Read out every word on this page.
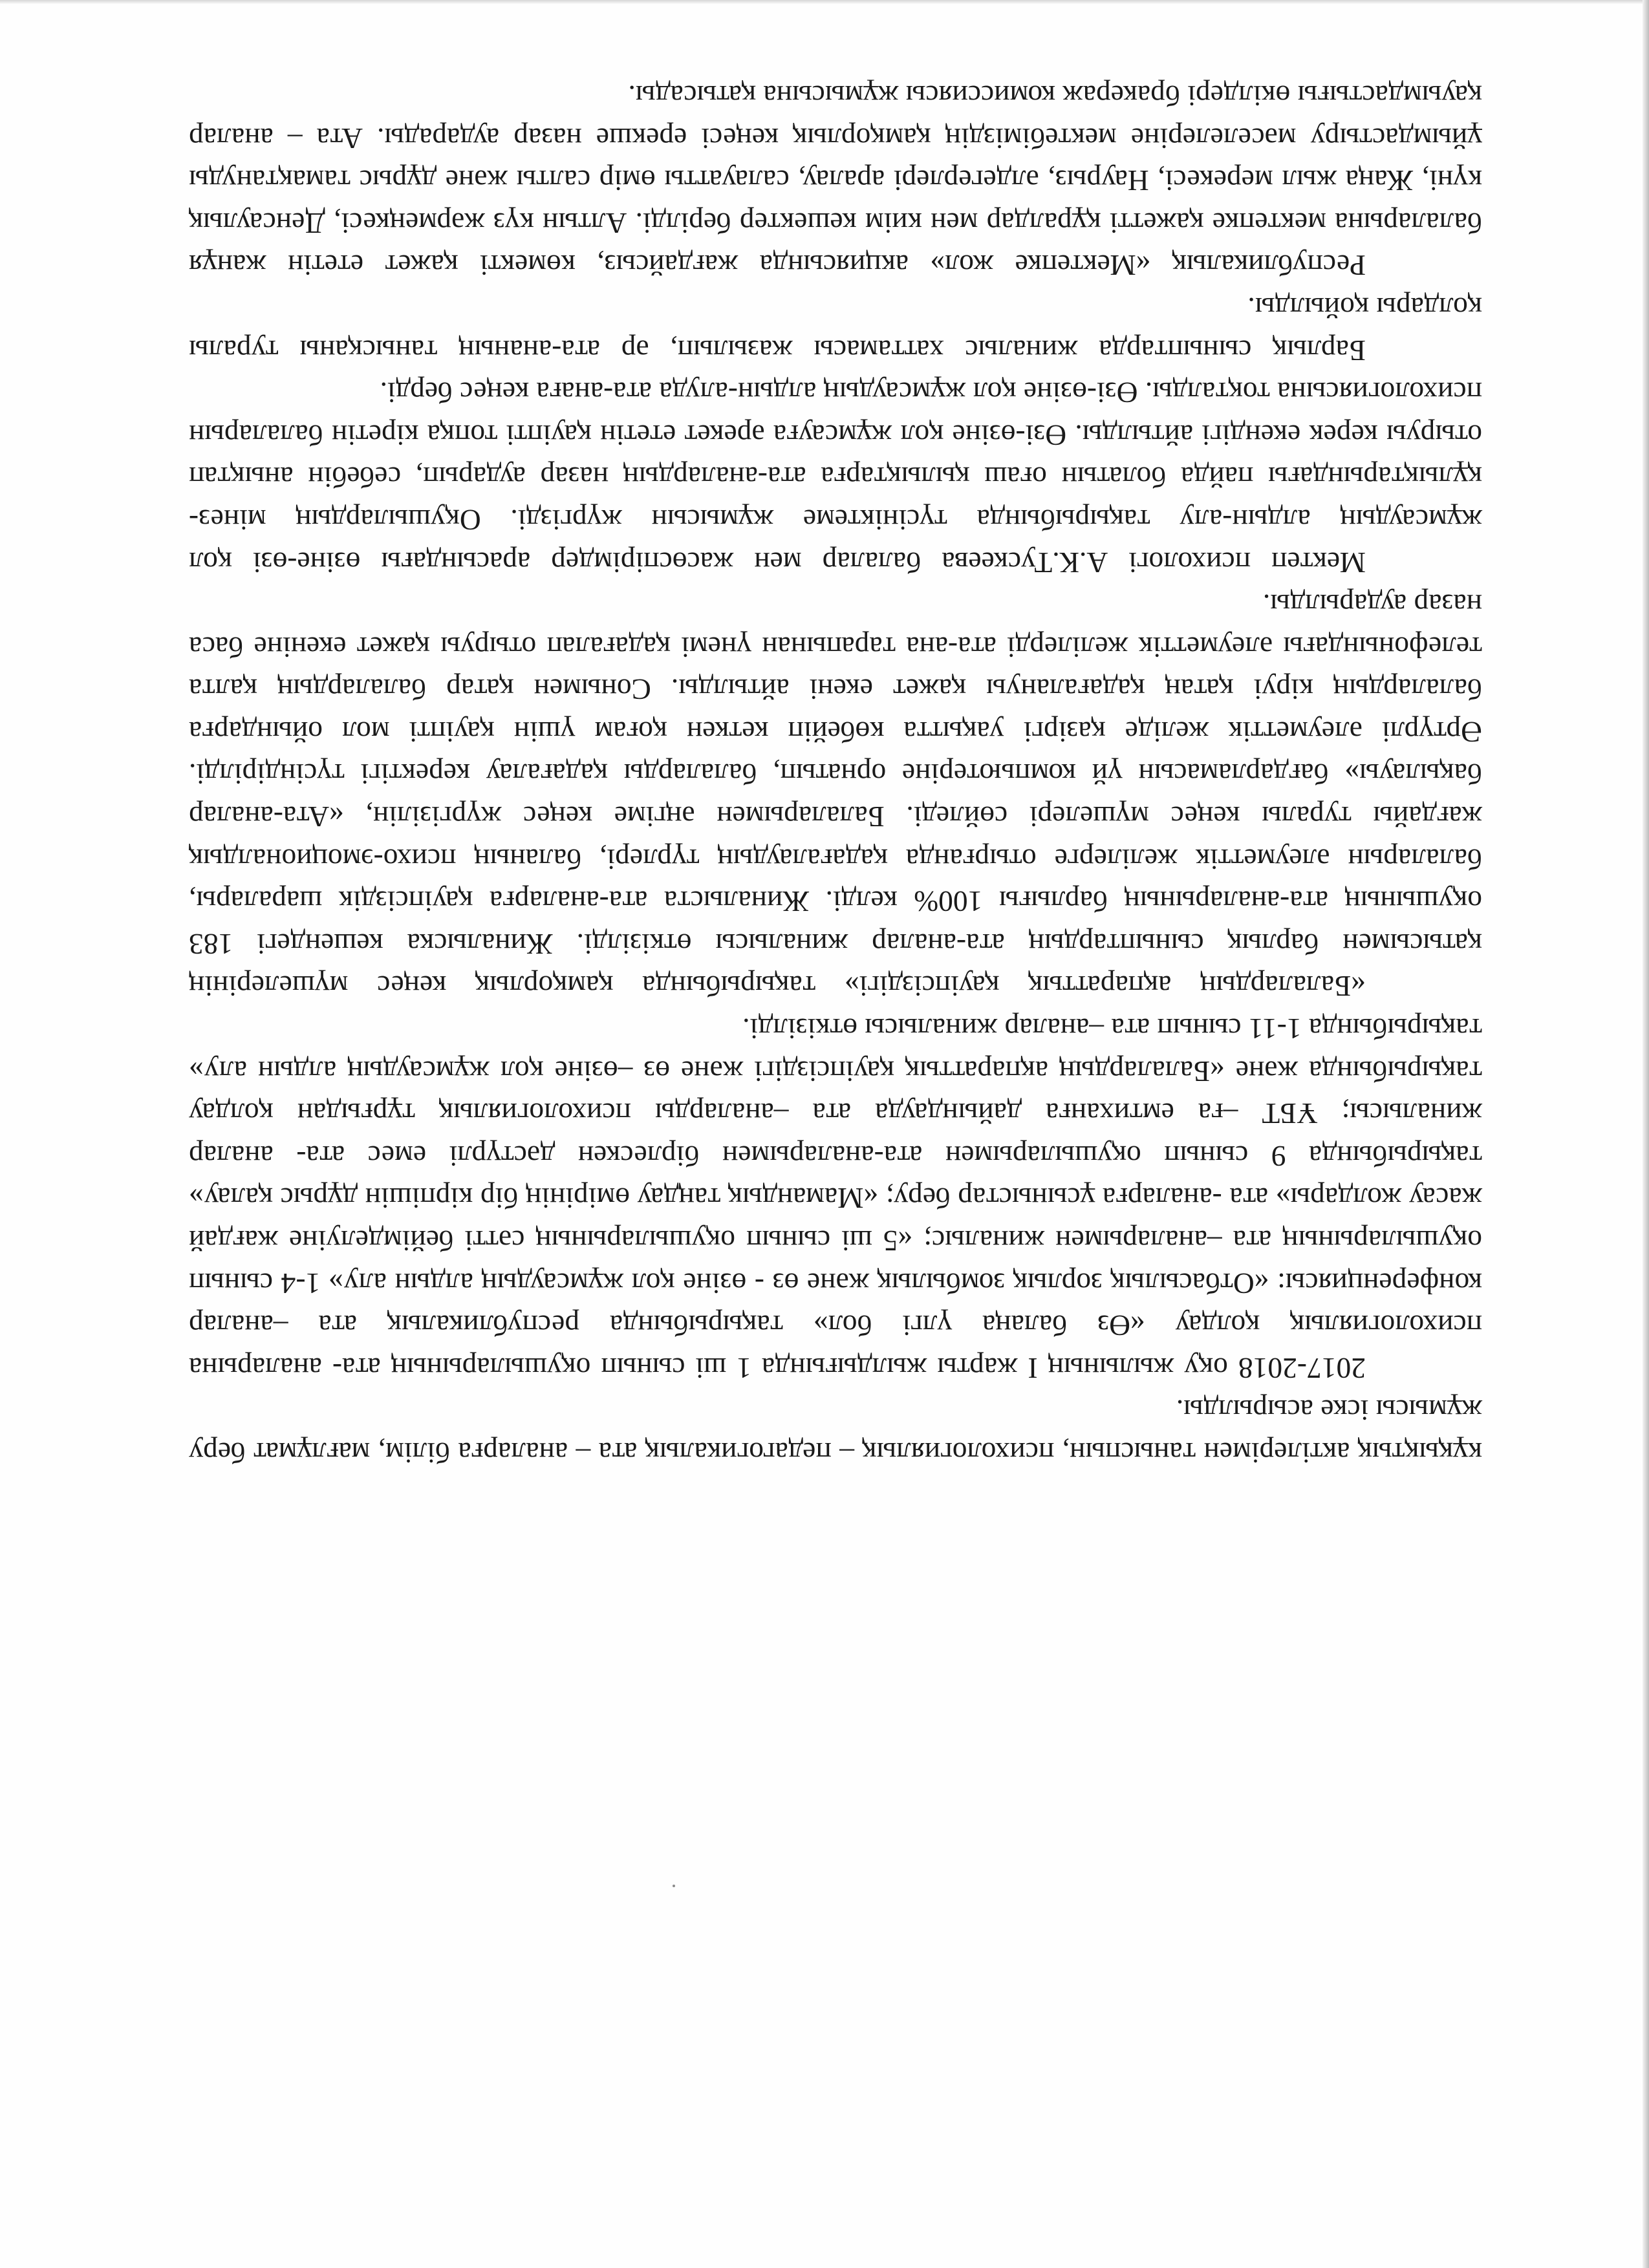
кұқықтық актілерімен таныспын, психологиялық – педагогикалық ата – аналарға білім, мағлұмат беру жұмысы іске асырылды.

2017-2018 оқу жылының I жарты жылдығында 1 ші сынып оқушыларының ата- аналарына психологиялық қолдау «Өз балаңа үлгі бол» тақырыбында республикалық ата –аналар конференциясы: «Отбасылық зорлық зомбылық және өз - өзіне қол жұмсаудың алдын алу» 1-4 сынып оқушыларының ата –аналарымен жиналыс; «5 ші сынып оқушыларының сәтті бейімделуіне жағдай жасау жолдары» ата -аналарға ұсыныстар беру; «Мамандық таңдау өмірінің бір кірпішін дұрыс қалау» тақырыбында 9 сынып оқушыларымен ата-аналарымен бірлескен дәстүрлі емес ата- аналар жиналысы; ҰБТ –ға емтиханға дайындауда ата –аналарды психологиялық тұрғыдан қолдау тақырыбында және «Балалардың ақпараттық қауіпсіздігі және өз –өзіне қол жұмсаудың алдын алу» тақырыбында 1-11 сынып ата –аналар жиналысы өткізілді.

«Балалардың ақпараттық қауіпсіздігі» тақырыбында қамқорлық кеңес мүшелерінің қатысымен барлық сыныптардың ата-аналар жиналысы өткізілді. Жиналыска кешендегі 183 оқушының ата-аналарының барлығы 100% келді. Жиналыста ата-аналарға қауіпсіздік шаралары, балаларын әлеуметтік желілерге отырғанда қадағалаудың түрлері, баланың психо-эмоционалдық жағдайы туралы кеңес мүшелері сөйледі. Балаларымен әңгіме кеңес жүргізілін, «Ата-аналар бақылауы» бағдарламасын үй компьютеріне орнатып, балаларды қадағалау керектігі түсіндірілді. Әртүрлі әлеуметтік желіде қазіргі уақытта көбейіп кеткен қоғам үшін қауіпті мол ойындарға балалардың кіруі қатаң қадағалануы қажет екені айтылды. Сонымен қатар балалардың қалта телефонындағы әлеуметтік желілерді ата-ана тарапынан үнемі қадағалап отыруы қажет екеніне баса назар аударылды.

Мектеп психологі А.К.Тускеева балалар мен жасөспірімдер арасындағы өзіне-өзі қол жұмсаудың алдын-алу тақырыбында түсініктеме жұмысын жүргізді. Оқушылардың мінез-құлықтарындағы пайда болатын оғаш қылықтарға ата-аналардың назар аударып, себебін анықтап отыруы керек екендігі айтылды. Өзі-өзіне қол жұмсауға әрекет ететін қауіпті топқа кіретін балаларын психологиясына тоқталды. Өзі-өзіне қол жұмсаудың алдын-алуда ата-анаға кеңес берді.

Барлық сыныптарда жиналыс хаттамасы жазылып, әр ата-ананың танысқаны туралы қолдары қойылды.

Республикалық «Мектепке жол» акциясында жағдайсыз, көмекті қажет ететін жанұя балаларына мектепке қажетті құралдар мен киім кешектер берілді. Алтын күз жәрмеңкесі, Денсаулық күні, Жаңа жыл мерекесі, Наурыз, әлдегерлері аралау, салауатты өмір салты және дұрыс тамақтануды ұйымдастыру мәселелеріне мектебіміздің қамқорлық кеңесі ерекше назар аударады. Ата – аналар қауымдастығы өкілдері бракераж комиссиясы жұмысына қатысады.
